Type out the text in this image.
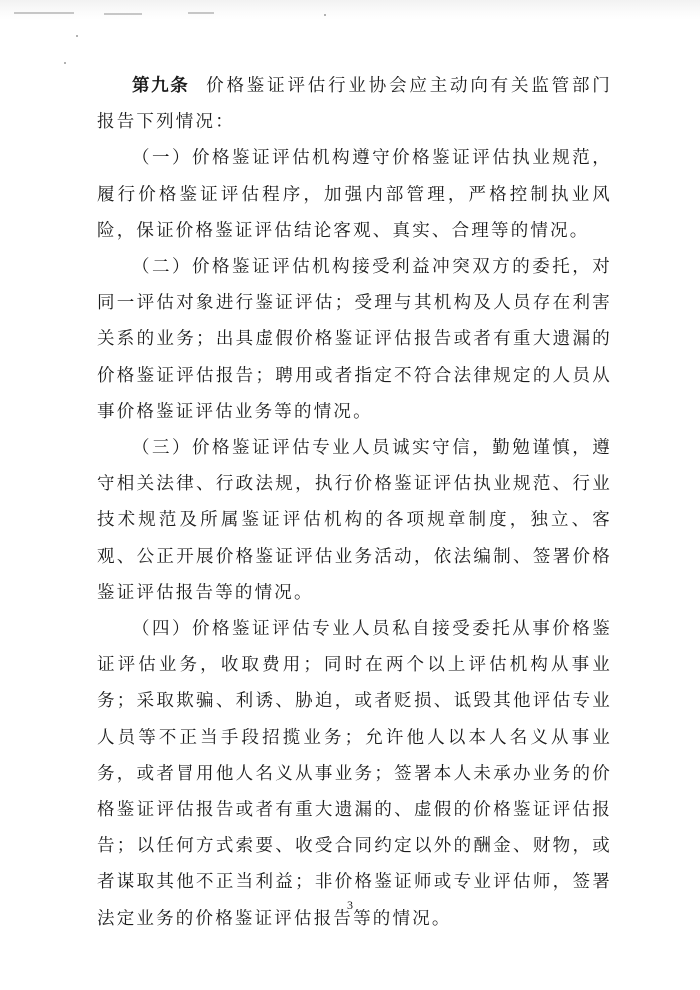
第九条 价格鉴证评估行业协会应主动向有关监管部门报告下列情况：

（一）价格鉴证评估机构遵守价格鉴证评估执业规范，履行价格鉴证评估程序，加强内部管理，严格控制执业风险，保证价格鉴证评估结论客观、真实、合理等的情况。

（二）价格鉴证评估机构接受利益冲突双方的委托，对同一评估对象进行鉴证评估；受理与其机构及人员存在利害关系的业务；出具虚假价格鉴证评估报告或者有重大遗漏的价格鉴证评估报告；聘用或者指定不符合法律规定的人员从事价格鉴证评估业务等的情况。

（三）价格鉴证评估专业人员诚实守信，勤勉谨慎，遵守相关法律、行政法规，执行价格鉴证评估执业规范、行业技术规范及所属鉴证评估机构的各项规章制度，独立、客观、公正开展价格鉴证评估业务活动，依法编制、签署价格鉴证评估报告等的情况。

（四）价格鉴证评估专业人员私自接受委托从事价格鉴证评估业务，收取费用；同时在两个以上评估机构从事业务；采取欺骗、利诱、胁迫，或者贬损、诋毁其他评估专业人员等不正当手段招揽业务；允许他人以本人名义从事业务，或者冒用他人名义从事业务；签署本人未承办业务的价格鉴证评估报告或者有重大遗漏的、虚假的价格鉴证评估报告；以任何方式索要、收受合同约定以外的酬金、财物，或者谋取其他不正当利益；非价格鉴证师或专业评估师，签署法定业务的价格鉴证评估报告等的情况。

3
